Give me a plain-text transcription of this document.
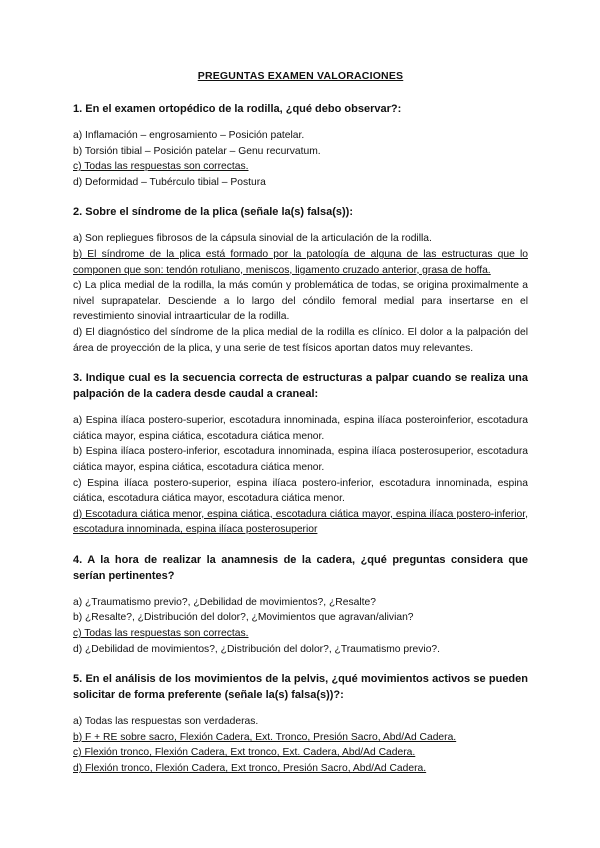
PREGUNTAS EXAMEN VALORACIONES

1. En el examen ortopédico de la rodilla, ¿qué debo observar?:

a) Inflamación – engrosamiento – Posición patelar.

b) Torsión tibial – Posición patelar – Genu recurvatum.

c) Todas las respuestas son correctas.

d) Deformidad – Tubérculo tibial – Postura

2. Sobre el síndrome de la plica (señale la(s) falsa(s)):

a) Son repliegues fibrosos de la cápsula sinovial de la articulación de la rodilla.

b) El síndrome de la plica está formado por la patología de alguna de las estructuras que lo componen que son: tendón rotuliano, meniscos, ligamento cruzado anterior, grasa de hoffa.

c) La plica medial de la rodilla, la más común y problemática de todas, se origina proximalmente a nivel suprapatelar. Desciende a lo largo del cóndilo femoral medial para insertarse en el revestimiento sinovial intraarticular de la rodilla.

d) El diagnóstico del síndrome de la plica medial de la rodilla es clínico. El dolor a la palpación del área de proyección de la plica, y una serie de test físicos aportan datos muy relevantes.

3. Indique cual es la secuencia correcta de estructuras a palpar cuando se realiza una palpación de la cadera desde caudal a craneal:

a) Espina ilíaca postero-superior, escotadura innominada, espina ilíaca posteroinferior, escotadura ciática mayor, espina ciática, escotadura ciática menor.

b) Espina ilíaca postero-inferior, escotadura innominada, espina ilíaca posterosuperior, escotadura ciática mayor, espina ciática, escotadura ciática menor.

c) Espina ilíaca postero-superior, espina ilíaca postero-inferior, escotadura innominada, espina ciática, escotadura ciática mayor, escotadura ciática menor.

d) Escotadura ciática menor, espina ciática, escotadura ciática mayor, espina ilíaca postero-inferior, escotadura innominada, espina ilíaca posterosuperior

4. A la hora de realizar la anamnesis de la cadera, ¿qué preguntas considera que serían pertinentes?

a) ¿Traumatismo previo?, ¿Debilidad de movimientos?, ¿Resalte?

b) ¿Resalte?, ¿Distribución del dolor?, ¿Movimientos que agravan/alivian?

c) Todas las respuestas son correctas.

d) ¿Debilidad de movimientos?, ¿Distribución del dolor?, ¿Traumatismo previo?.

5. En el análisis de los movimientos de la pelvis, ¿qué movimientos activos se pueden solicitar de forma preferente (señale la(s) falsa(s))?:

a) Todas las respuestas son verdaderas.

b) F + RE sobre sacro, Flexión Cadera, Ext. Tronco, Presión Sacro, Abd/Ad Cadera.

c) Flexión tronco, Flexión Cadera, Ext tronco, Ext. Cadera, Abd/Ad Cadera.

d) Flexión tronco, Flexión Cadera, Ext tronco, Presión Sacro, Abd/Ad Cadera.
